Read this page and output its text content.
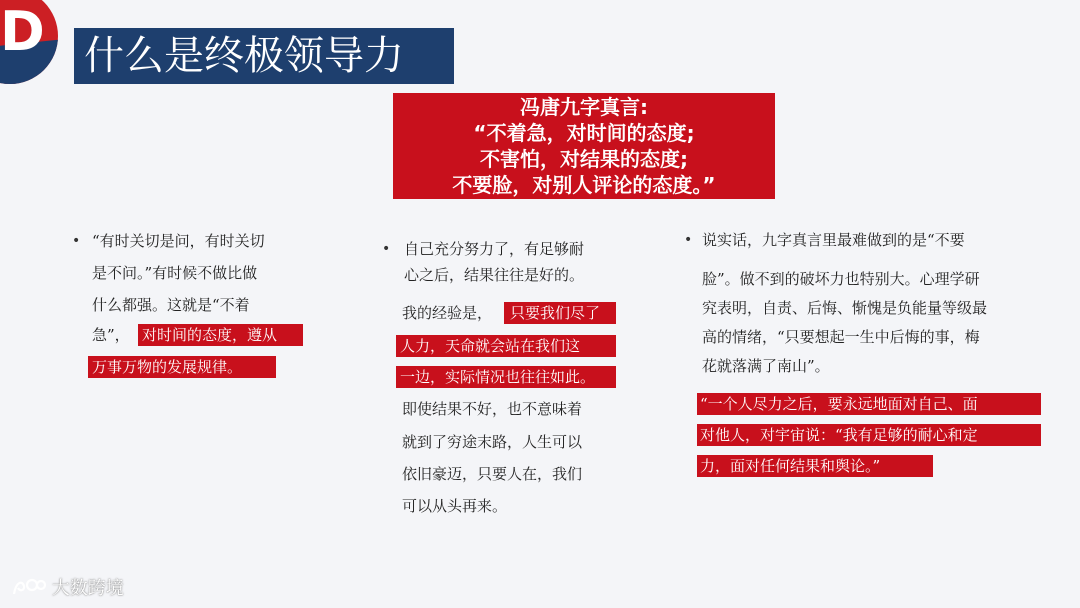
D 什么是终极领导力
冯唐九字真言:
“不着急，对时间的态度;
不害怕，对结果的态度;
不要脸，对别人评论的态度。”
• “有时关切是问，有时关切
是不问。”有时候不做比做
什么都强。这就是“不着
急”， 对时间的态度，遵从
万事万物的发展规律。
• 自己充分努力了，有足够耐
心之后，结果往往是好的。
我的经验是， 只要我们尽了
人力，天命就会站在我们这
一边，实际情况也往往如此。
即使结果不好，也不意味着
就到了穷途末路，人生可以
依旧豪迈，只要人在，我们
可以从头再来。
• 说实话，九字真言里最难做到的是“不要
脸”。做不到的破坏力也特别大。心理学研
究表明，自责、后悔、惭愧是负能量等级最
高的情绪，“只要想起一生中后悔的事，梅
花就落满了南山”。
“一个人尽力之后，要永远地面对自己、面
对他人，对宇宙说：“我有足够的耐心和定
力，面对任何结果和舆论。”
大数跨境
